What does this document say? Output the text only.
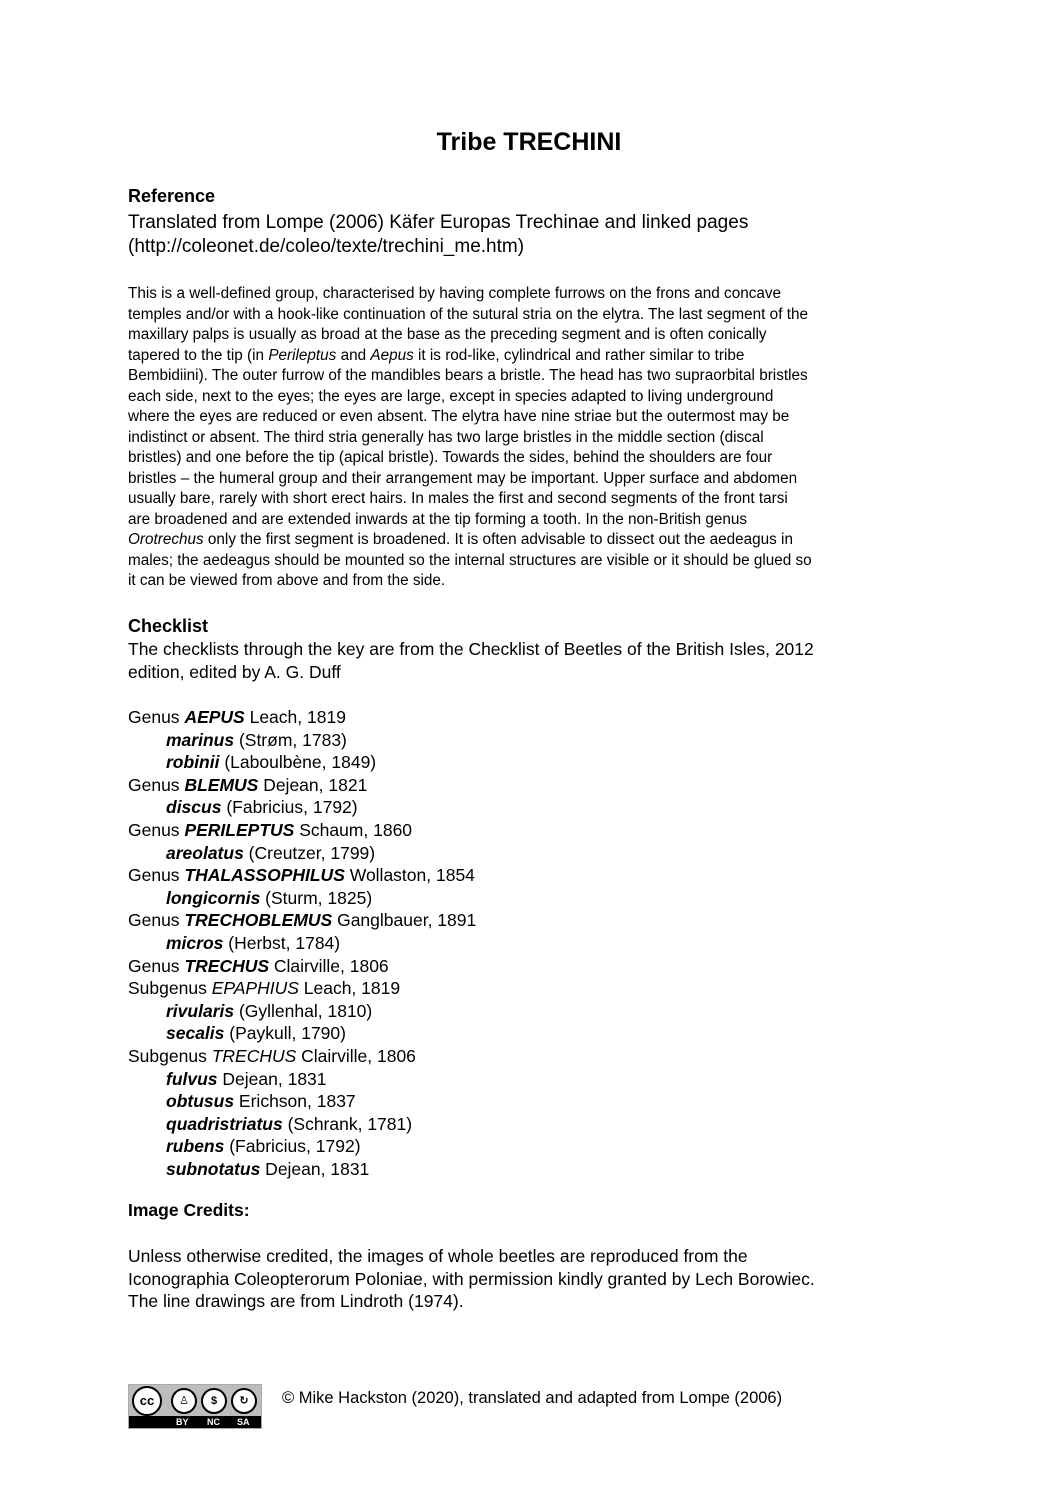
Tribe TRECHINI
Reference

Translated from Lompe (2006) Käfer Europas Trechinae and linked pages

(http://coleonet.de/coleo/texte/trechini_me.htm)

This is a well-defined group, characterised by having complete furrows on the frons and concave
temples and/or with a hook-like continuation of the sutural stria on the elytra. The last segment of the
maxillary palps is usually as broad at the base as the preceding segment and is often conically
tapered to the tip (in Perileptus and Aepus it is rod-like, cylindrical and rather similar to tribe
Bembidiini). The outer furrow of the mandibles bears a bristle. The head has two supraorbital bristles
each side, next to the eyes; the eyes are large, except in species adapted to living underground
where the eyes are reduced or even absent. The elytra have nine striae but the outermost may be
indistinct or absent. The third stria generally has two large bristles in the middle section (discal
bristles) and one before the tip (apical bristle). Towards the sides, behind the shoulders are four
bristles – the humeral group and their arrangement may be important. Upper surface and abdomen
usually bare, rarely with short erect hairs. In males the first and second segments of the front tarsi
are broadened and are extended inwards at the tip forming a tooth. In the non-British genus
Orotrechus only the first segment is broadened. It is often advisable to dissect out the aedeagus in
males; the aedeagus should be mounted so the internal structures are visible or it should be glued so
it can be viewed from above and from the side.
Checklist

The checklists through the key are from the Checklist of Beetles of the British Isles, 2012
edition, edited by A. G. Duff

Genus AEPUS Leach, 1819
marinus (Strøm, 1783)
robinii (Laboulbène, 1849)
Genus BLEMUS Dejean, 1821
discus (Fabricius, 1792)
Genus PERILEPTUS Schaum, 1860
areolatus (Creutzer, 1799)
Genus THALASSOPHILUS Wollaston, 1854
longicornis (Sturm, 1825)
Genus TRECHOBLEMUS Ganglbauer, 1891
micros (Herbst, 1784)
Genus TRECHUS Clairville, 1806
Subgenus EPAPHIUS Leach, 1819
rivularis (Gyllenhal, 1810)
secalis (Paykull, 1790)
Subgenus TRECHUS Clairville, 1806
fulvus Dejean, 1831
obtusus Erichson, 1837
quadristriatus (Schrank, 1781)
rubens (Fabricius, 1792)
subnotatus Dejean, 1831
Image Credits:

Unless otherwise credited, the images of whole beetles are reproduced from the
Iconographia Coleopterorum Poloniae, with permission kindly granted by Lech Borowiec.
The line drawings are from Lindroth (1974).

cc	♙	$	↻
BY NC SA

© Mike Hackston (2020), translated and adapted from Lompe (2006)
